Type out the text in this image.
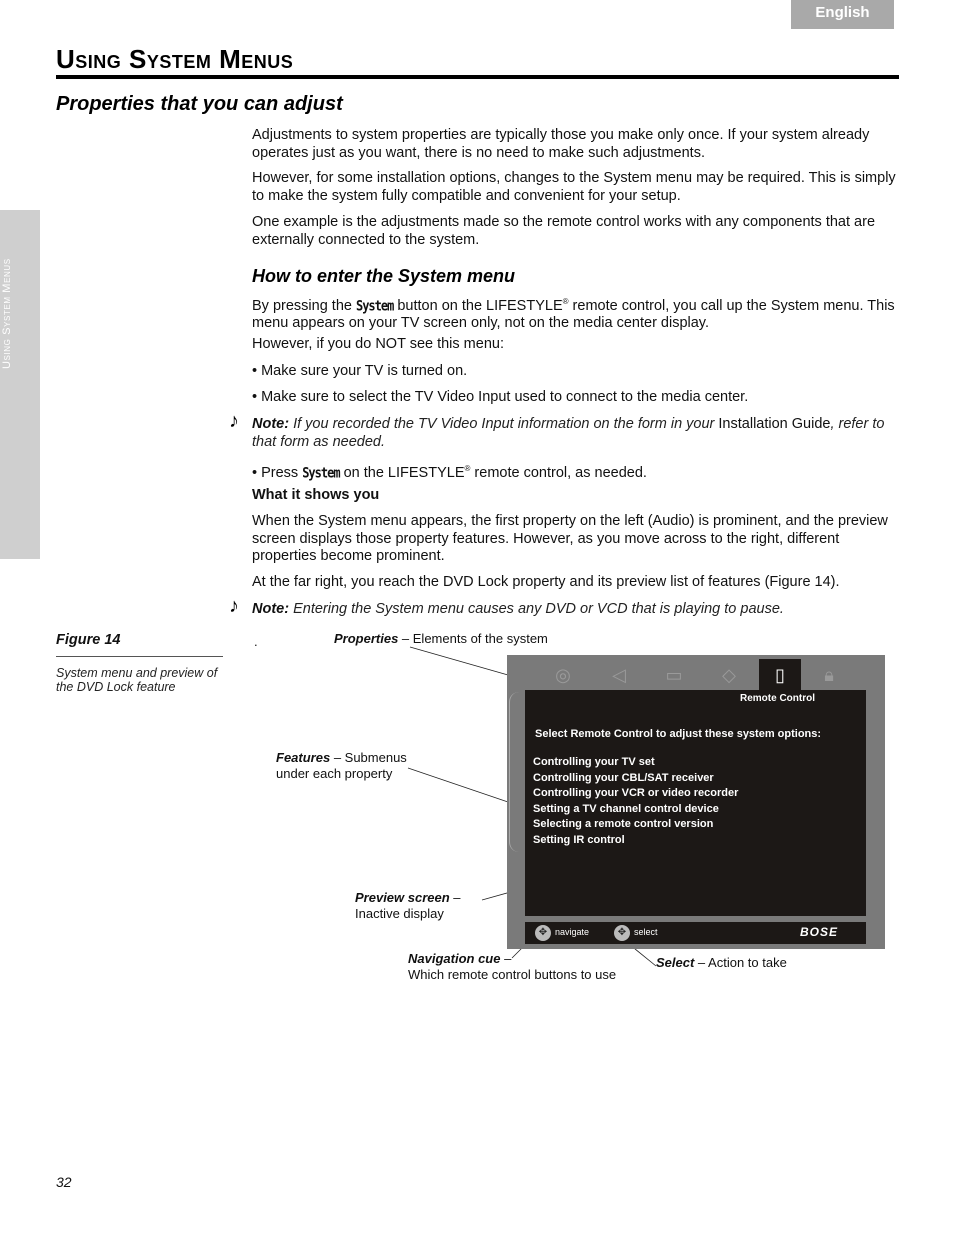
English
Using System Menus
Using System Menus
Properties that you can adjust
Adjustments to system properties are typically those you make only once. If your system already operates just as you want, there is no need to make such adjustments.
However, for some installation options, changes to the System menu may be required. This is simply to make the system fully compatible and convenient for your setup.
One example is the adjustments made so the remote control works with any components that are externally connected to the system.
How to enter the System menu
By pressing the System button on the LIFESTYLE® remote control, you call up the System menu. This menu appears on your TV screen only, not on the media center display.
However, if you do NOT see this menu:
• Make sure your TV is turned on.
• Make sure to select the TV Video Input used to connect to the media center.
♪ Note: If you recorded the TV Video Input information on the form in your Installation Guide, refer to that form as needed.
• Press System on the LIFESTYLE® remote control, as needed.
What it shows you
When the System menu appears, the first property on the left (Audio) is prominent, and the preview screen displays those property features. However, as you move across to the right, different properties become prominent.
At the far right, you reach the DVD Lock property and its preview list of features (Figure 14).
♪ Note: Entering the System menu causes any DVD or VCD that is playing to pause.
Figure 14
System menu and preview of the DVD Lock feature
.	Properties – Elements of the system
Features – Submenus
under each property
Preview screen –
Inactive display
Navigation cue –
Which remote control buttons to use
Select – Action to take
◎	◁	▭	◇	▯	🔒︎
Remote Control
Select Remote Control to adjust these system options:
Controlling your TV set
Controlling your CBL/SAT receiver
Controlling your VCR or video recorder
Setting a TV channel control device
Selecting a remote control version
Setting IR control
✥ navigate	✥ select	BOSE
32
